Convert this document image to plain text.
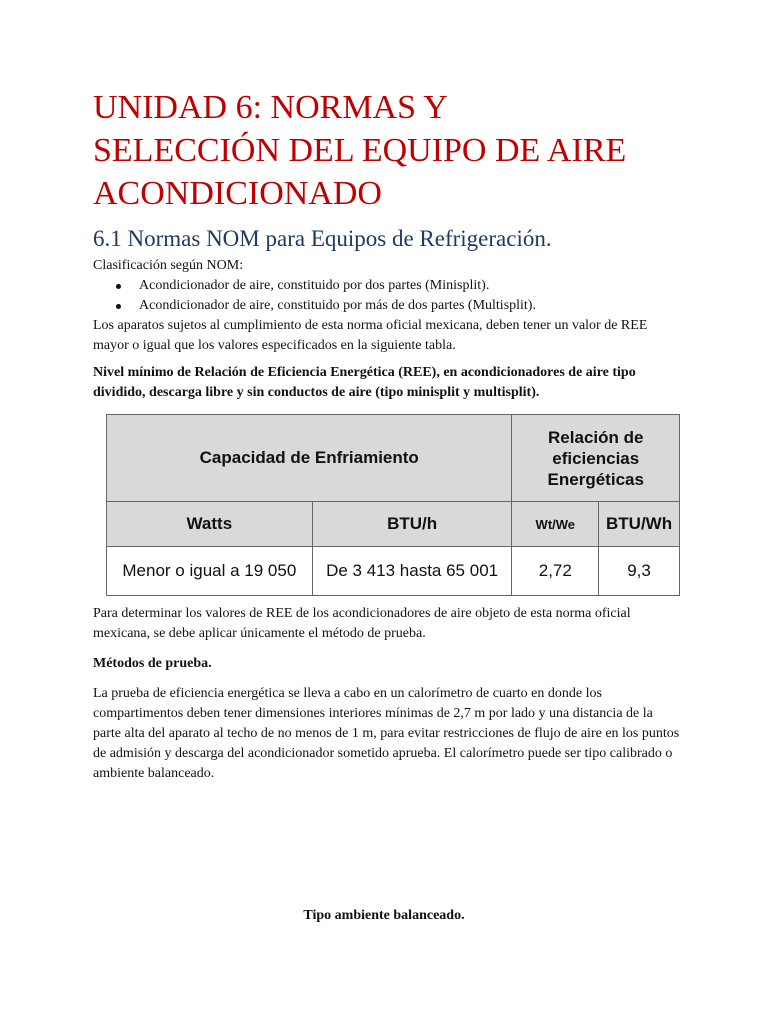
UNIDAD 6: NORMAS Y
SELECCIÓN DEL EQUIPO DE AIRE
ACONDICIONADO
6.1 Normas NOM para Equipos de Refrigeración.

Clasificación según NOM:

Acondicionador de aire, constituido por dos partes (Minisplit).
Acondicionador de aire, constituido por más de dos partes (Multisplit).

Los aparatos sujetos al cumplimiento de esta norma oficial mexicana, deben tener un valor de REE mayor o igual que los valores especificados en la siguiente tabla.

Nivel mínimo de Relación de Eficiencia Energética (REE), en acondicionadores de aire tipo dividido, descarga libre y sin conductos de aire (tipo minisplit y multisplit).

Capacidad de Enfriamiento		Relación de eficiencias Energéticas	
Watts	BTU/h	Wt/We	BTU/Wh
Menor o igual a 19 050	De 3 413 hasta 65 001	2,72	9,3

Para determinar los valores de REE de los acondicionadores de aire objeto de esta norma oficial mexicana, se debe aplicar únicamente el método de prueba.

Métodos de prueba.

La prueba de eficiencia energética se lleva a cabo en un calorímetro de cuarto en donde los compartimentos deben tener dimensiones interiores mínimas de 2,7 m por lado y una distancia de la parte alta del aparato al techo de no menos de 1 m, para evitar restricciones de flujo de aire en los puntos de admisión y descarga del acondicionador sometido aprueba. El calorímetro puede ser tipo calibrado o ambiente balanceado.

Tipo ambiente balanceado.
